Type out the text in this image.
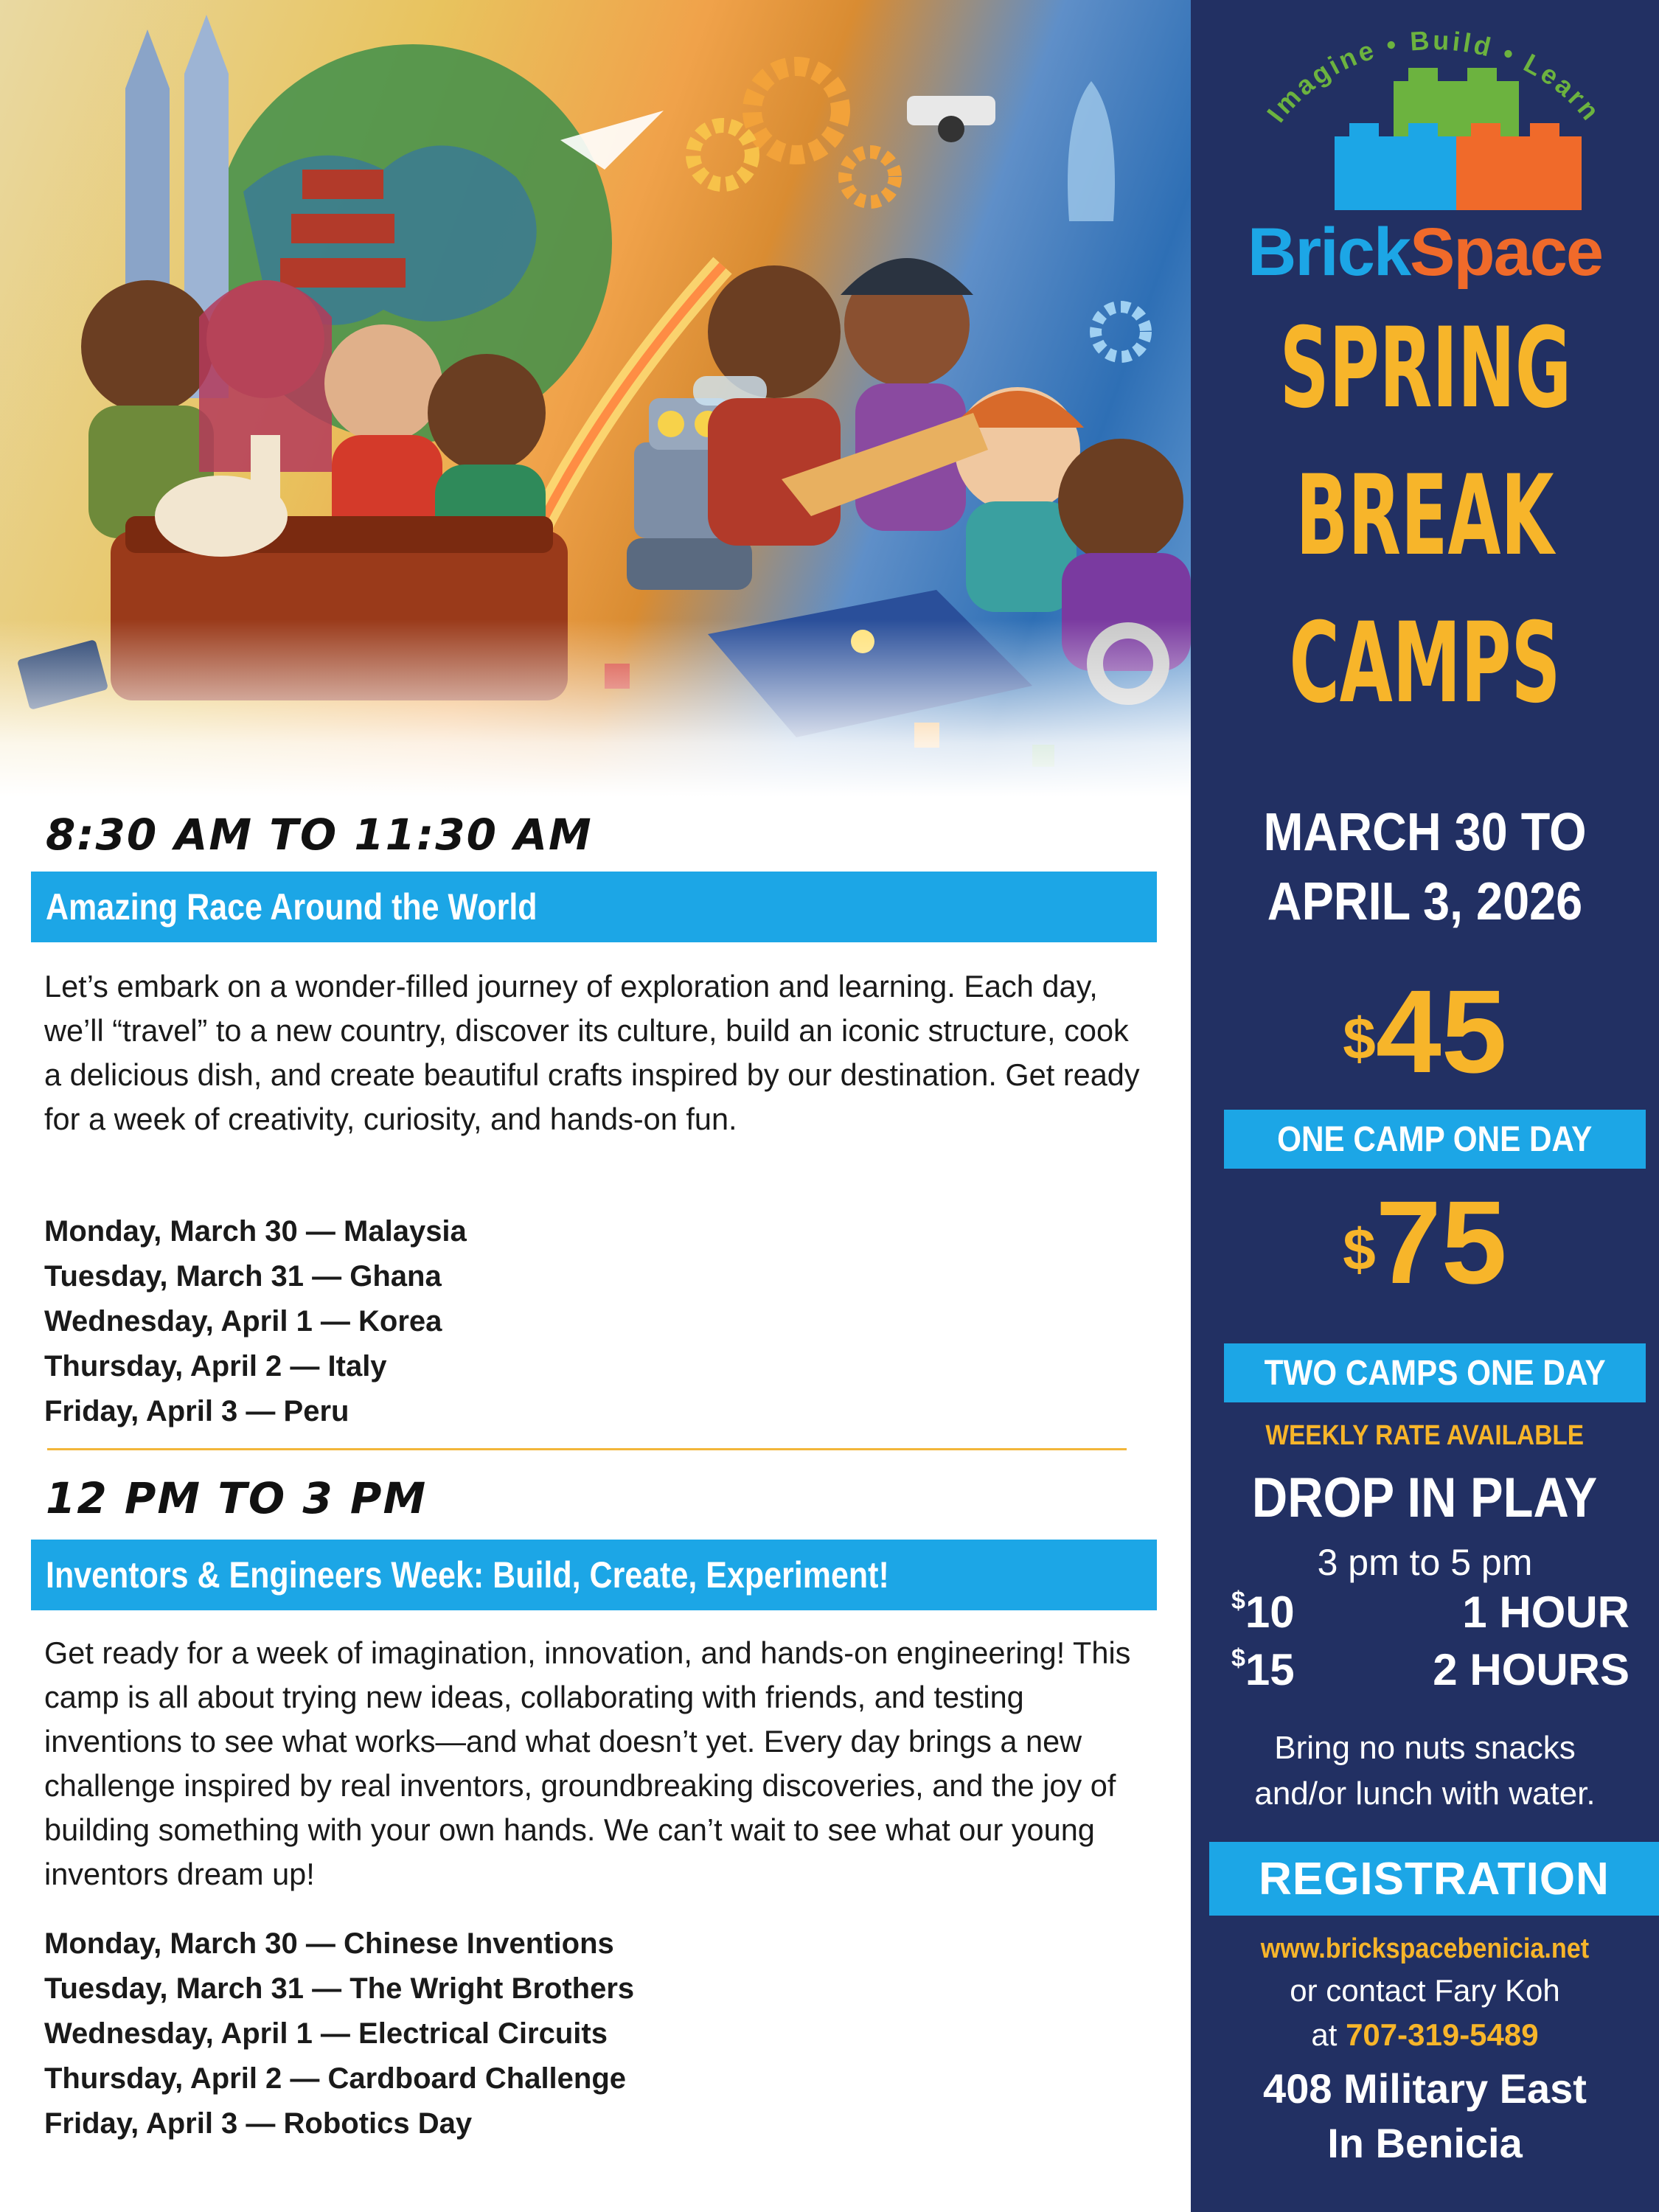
8:30 AM TO 11:30 AM
Amazing Race Around the World

Let’s embark on a wonder-filled journey of exploration and learning. Each day, we’ll “travel” to a new country, discover its culture, build an iconic structure, cook a delicious dish, and create beautiful crafts inspired by our destination. Get ready for a week of creativity, curiosity, and hands-on fun.

Monday, March 30 — Malaysia
Tuesday, March 31 — Ghana
Wednesday, April 1 — Korea
Thursday, April 2 — Italy
Friday, April 3 — Peru
12 PM TO 3 PM
Inventors & Engineers Week: Build, Create, Experiment!

Get ready for a week of imagination, innovation, and hands-on engineering! This camp is all about trying new ideas, collaborating with friends, and testing inventions to see what works—and what doesn’t yet. Every day brings a new challenge inspired by real inventors, groundbreaking discoveries, and the joy of building something with your own hands. We can’t wait to see what our young inventors dream up!

Monday, March 30 — Chinese Inventions
Tuesday, March 31 — The Wright Brothers
Wednesday, April 1 — Electrical Circuits
Thursday, April 2 — Cardboard Challenge
Friday, April 3 — Robotics Day
Imagine • Build • Learn
BrickSpace
SPRING
BREAK
CAMPS
MARCH 30 TO
APRIL 3, 2026
$45
ONE CAMP ONE DAY
$75
TWO CAMPS ONE DAY
WEEKLY RATE AVAILABLE
DROP IN PLAY
3 pm to 5 pm
$10	1 HOUR
$15	2 HOURS
Bring no nuts snacks
and/or lunch with water.
REGISTRATION
www.brickspacebenicia.net
or contact Fary Koh
at 707-319-5489
408 Military East
In Benicia
